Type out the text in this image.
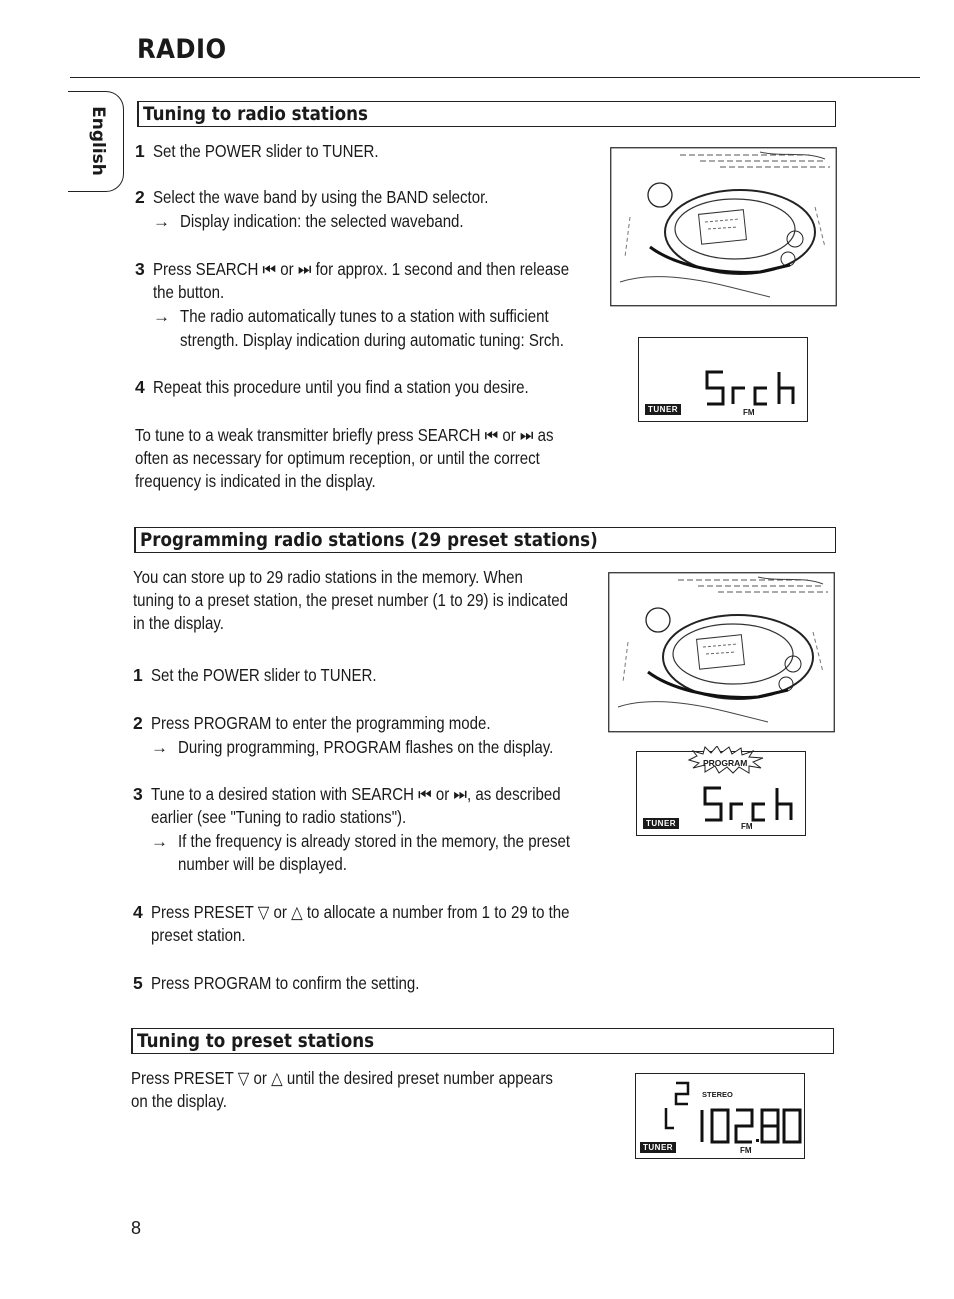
RADIO
English	Tuning to radio stations
1 Set the POWER slider to TUNER.
2 Select the wave band by using the BAND selector.
→ Display indication: the selected waveband.
3 Press SEARCH ⏮ or ⏭ for approx. 1 second and then release
the button.
→ The radio automatically tunes to a station with sufficient
strength. Display indication during automatic tuning: Srch.
4 Repeat this procedure until you find a station you desire.
To tune to a weak transmitter briefly press SEARCH ⏮ or ⏭ as
often as necessary for optimum reception, or until the correct
frequency is indicated in the display.
TUNER	FM
Programming radio stations (29 preset stations)
You can store up to 29 radio stations in the memory. When
tuning to a preset station, the preset number (1 to 29) is indicated
in the display.
1 Set the POWER slider to TUNER.
2 Press PROGRAM to enter the programming mode.
→ During programming, PROGRAM flashes on the display.
3 Tune to a desired station with SEARCH ⏮ or ⏭, as described
earlier (see "Tuning to radio stations").
→ If the frequency is already stored in the memory, the preset
number will be displayed.
4 Press PRESET ▽ or △ to allocate a number from 1 to 29 to the
preset station.
5 Press PROGRAM to confirm the setting.
PROGRAM
TUNER	FM
Tuning to preset stations
Press PRESET ▽ or △ until the desired preset number appears
on the display.	STEREO
TUNER	FM
8
